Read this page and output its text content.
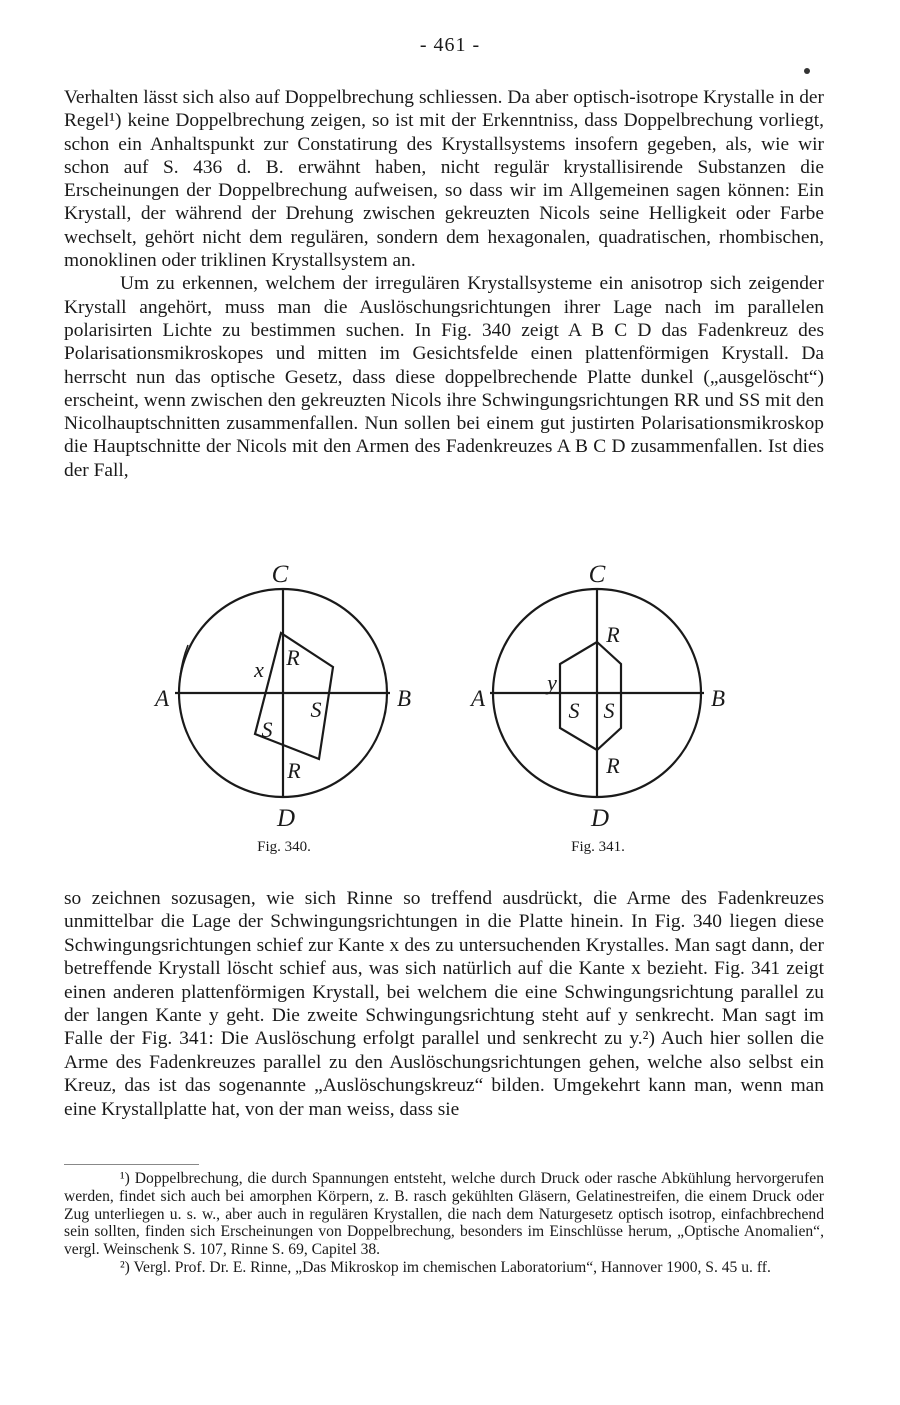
- 461 -

Verhalten lässt sich also auf Doppelbrechung schliessen. Da aber optisch-isotrope Krystalle in der Regel¹) keine Doppelbrechung zeigen, so ist mit der Erkenntniss, dass Doppelbrechung vorliegt, schon ein Anhaltspunkt zur Constatirung des Krystallsystems insofern gegeben, als, wie wir schon auf S. 436 d. B. erwähnt haben, nicht regulär krystallisirende Substanzen die Erscheinungen der Doppelbrechung aufweisen, so dass wir im Allgemeinen sagen können: Ein Krystall, der während der Drehung zwischen gekreuzten Nicols seine Helligkeit oder Farbe wechselt, gehört nicht dem regulären, sondern dem hexagonalen, quadratischen, rhombischen, monoklinen oder triklinen Krystallsystem an.

Um zu erkennen, welchem der irregulären Krystallsysteme ein anisotrop sich zeigender Krystall angehört, muss man die Auslöschungsrichtungen ihrer Lage nach im parallelen polarisirten Lichte zu bestimmen suchen. In Fig. 340 zeigt A B C D das Fadenkreuz des Polarisationsmikroskopes und mitten im Gesichtsfelde einen plattenförmigen Krystall. Da herrscht nun das optische Gesetz, dass diese doppelbrechende Platte dunkel („ausgelöscht“) erscheint, wenn zwischen den gekreuzten Nicols ihre Schwingungsrichtungen RR und SS mit den Nicolhauptschnitten zusammenfallen. Nun sollen bei einem gut justirten Polarisationsmikroskop die Hauptschnitte der Nicols mit den Armen des Fadenkreuzes A B C D zusammenfallen. Ist dies der Fall,

C
D
A	B
R
R
S
S
x
C
D
A	B
R
R
S S
y
Fig. 340.	Fig. 341.

so zeichnen sozusagen, wie sich Rinne so treffend ausdrückt, die Arme des Fadenkreuzes unmittelbar die Lage der Schwingungsrichtungen in die Platte hinein. In Fig. 340 liegen diese Schwingungsrichtungen schief zur Kante x des zu untersuchenden Krystalles. Man sagt dann, der betreffende Krystall löscht schief aus, was sich natürlich auf die Kante x bezieht. Fig. 341 zeigt einen anderen plattenförmigen Krystall, bei welchem die eine Schwingungsrichtung parallel zu der langen Kante y geht. Die zweite Schwingungsrichtung steht auf y senkrecht. Man sagt im Falle der Fig. 341: Die Auslöschung erfolgt parallel und senkrecht zu y.²) Auch hier sollen die Arme des Fadenkreuzes parallel zu den Auslöschungsrichtungen gehen, welche also selbst ein Kreuz, das ist das sogenannte „Auslöschungskreuz“ bilden. Umgekehrt kann man, wenn man eine Krystallplatte hat, von der man weiss, dass sie

¹) Doppelbrechung, die durch Spannungen entsteht, welche durch Druck oder rasche Abkühlung hervorgerufen werden, findet sich auch bei amorphen Körpern, z. B. rasch gekühlten Gläsern, Gelatinestreifen, die einem Druck oder Zug unterliegen u. s. w., aber auch in regulären Krystallen, die nach dem Naturgesetz optisch isotrop, einfachbrechend sein sollten, finden sich Erscheinungen von Doppelbrechung, besonders im Einschlüsse herum, „Optische Anomalien“, vergl. Weinschenk S. 107, Rinne S. 69, Capitel 38.

²) Vergl. Prof. Dr. E. Rinne, „Das Mikroskop im chemischen Laboratorium“, Hannover 1900, S. 45 u. ff.
